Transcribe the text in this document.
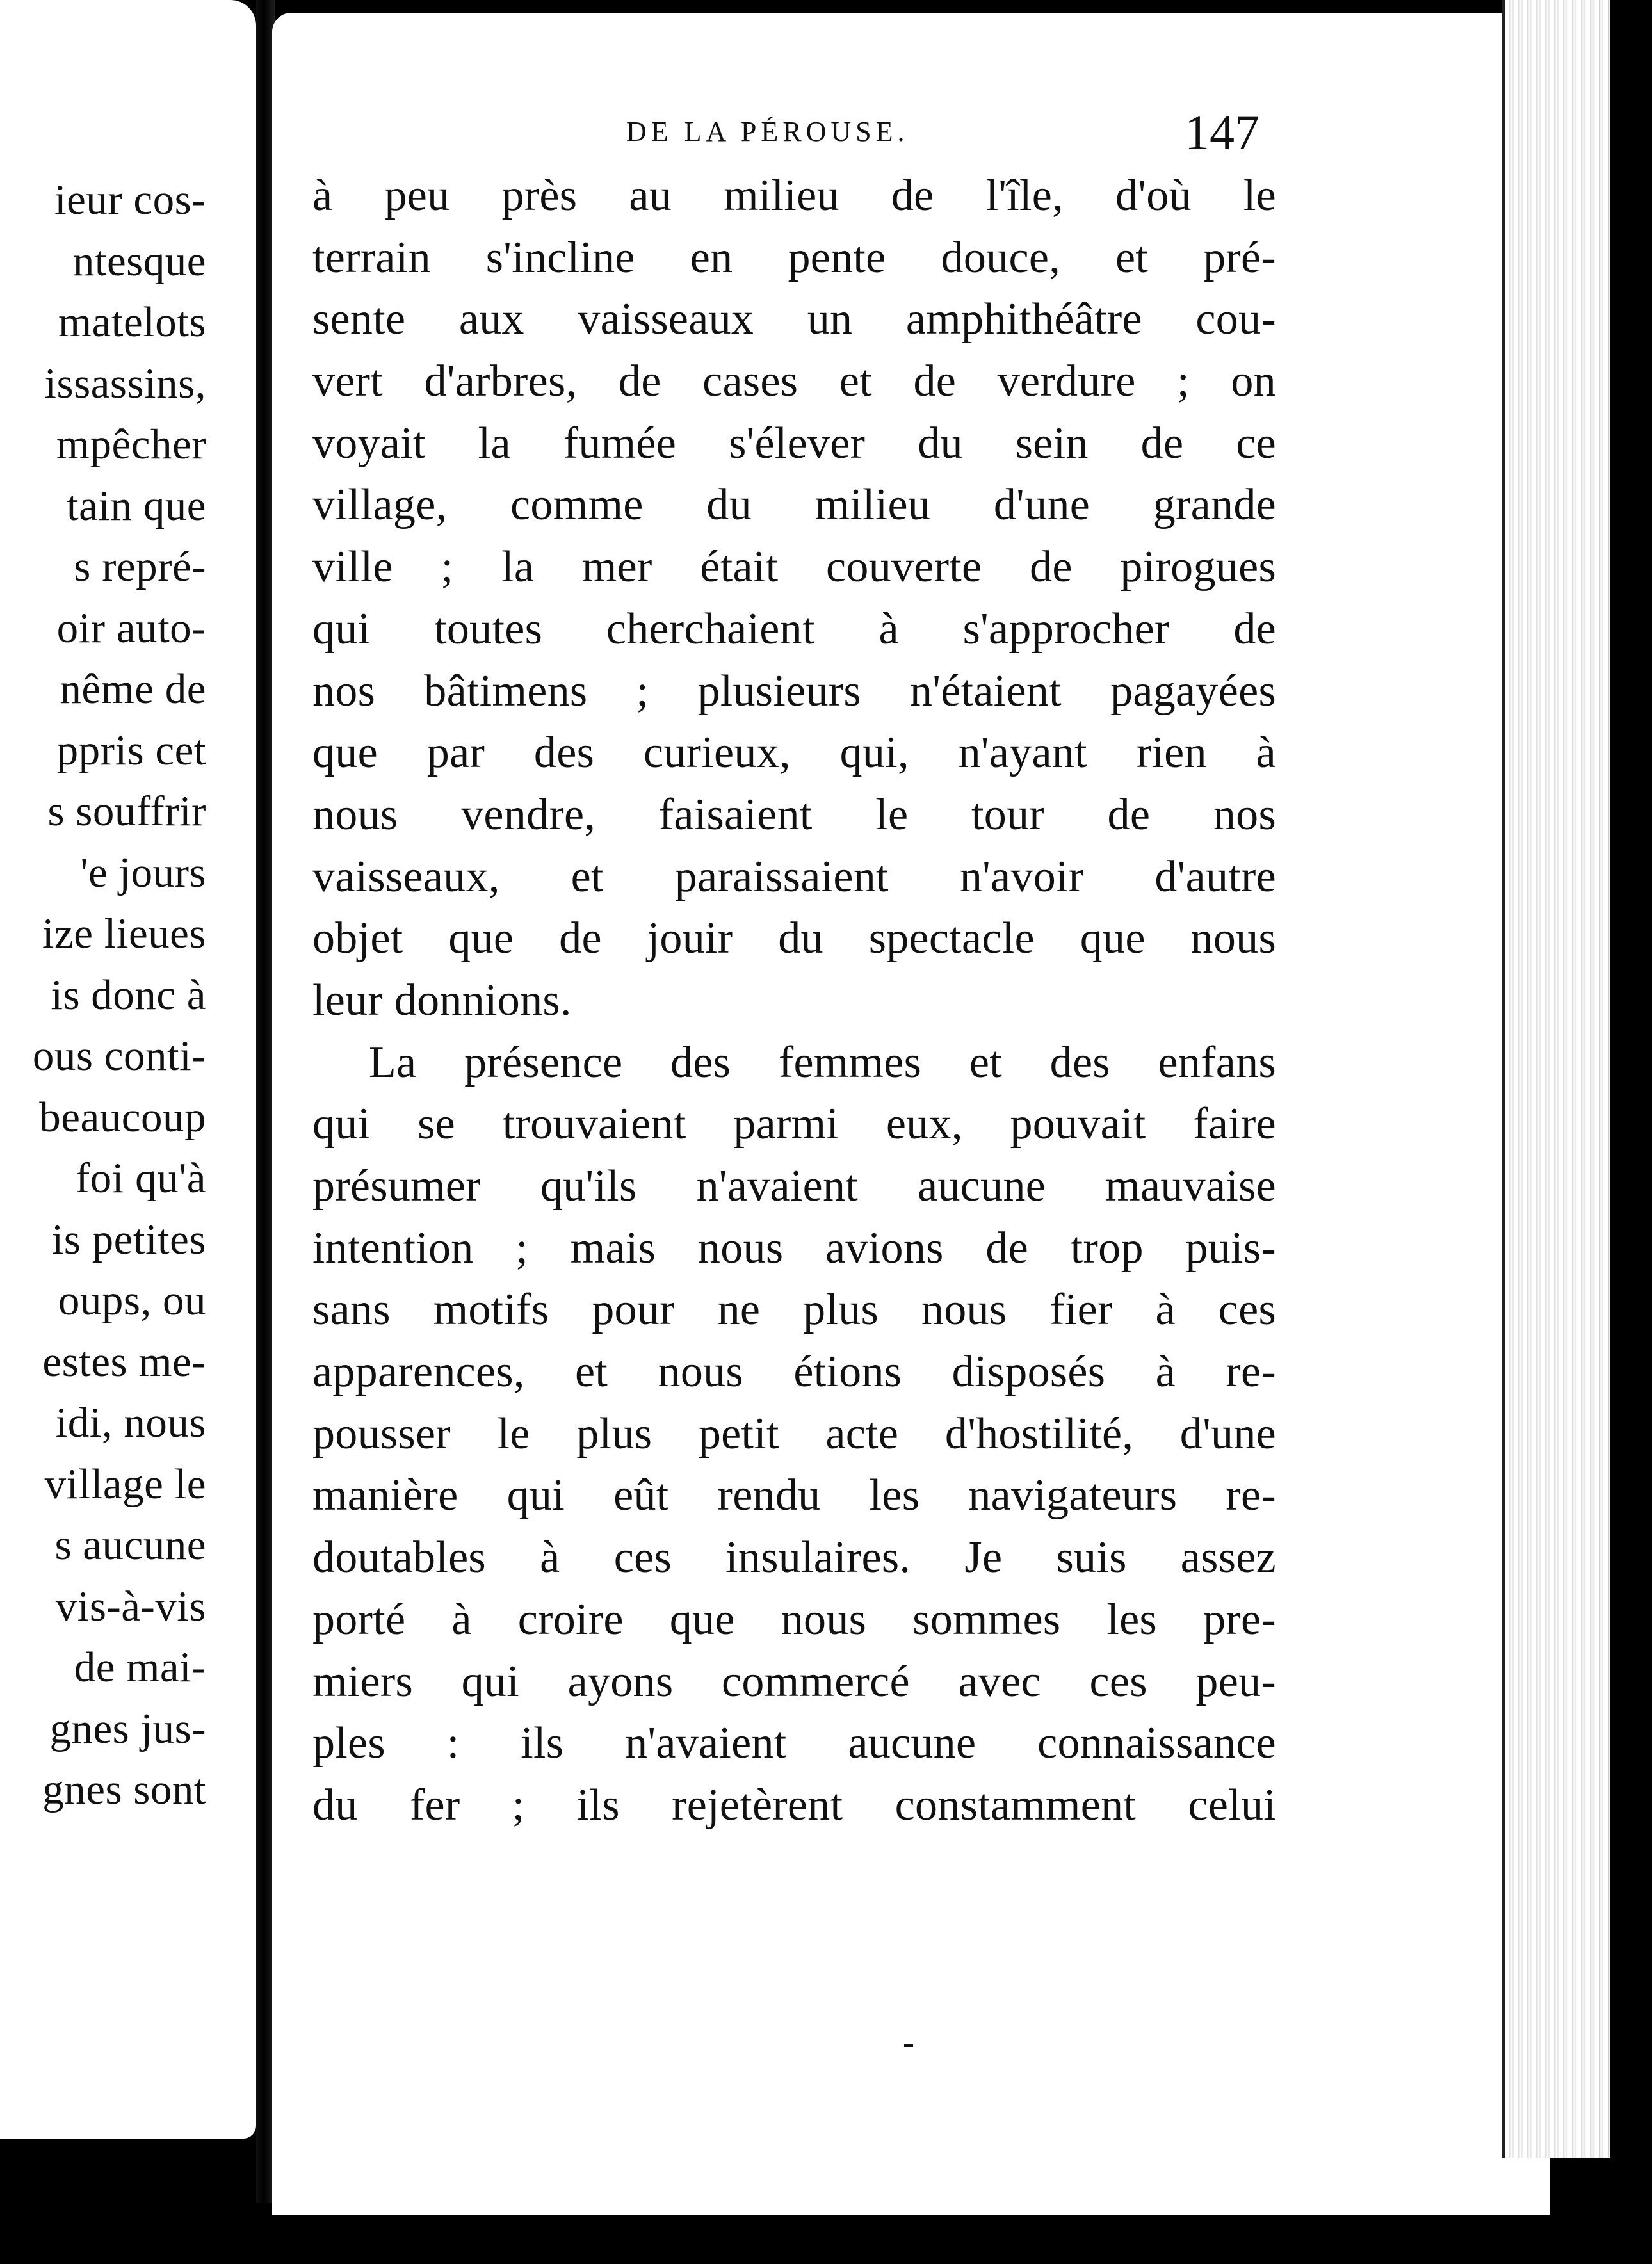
ieur cos-
ntesque
matelots
issassins,
mpêcher
tain que
s repré-
oir auto-
nême de
ppris cet
s souffrir
'e jours
ize lieues
is donc à
ous conti-
beaucoup
foi qu'à
is petites
oups, ou
estes me-
idi, nous
village le
s aucune
vis-à-vis
de mai-
gnes jus-
gnes sont
DE LA PÉROUSE.	147
à peu près au milieu de l'île, d'où le
terrain s'incline en pente douce, et pré-
sente aux vaisseaux un amphithéâtre cou-
vert d'arbres, de cases et de verdure ; on
voyait la fumée s'élever du sein de ce
village, comme du milieu d'une grande
ville ; la mer était couverte de pirogues
qui toutes cherchaient à s'approcher de
nos bâtimens ; plusieurs n'étaient pagayées
que par des curieux, qui, n'ayant rien à
nous vendre, faisaient le tour de nos
vaisseaux, et paraissaient n'avoir d'autre
objet que de jouir du spectacle que nous
leur donnions.
La présence des femmes et des enfans
qui se trouvaient parmi eux, pouvait faire
présumer qu'ils n'avaient aucune mauvaise
intention ; mais nous avions de trop puis-
sans motifs pour ne plus nous fier à ces
apparences, et nous étions disposés à re-
pousser le plus petit acte d'hostilité, d'une
manière qui eût rendu les navigateurs re-
doutables à ces insulaires. Je suis assez
porté à croire que nous sommes les pre-
miers qui ayons commercé avec ces peu-
ples : ils n'avaient aucune connaissance
du fer ; ils rejetèrent constamment celui
